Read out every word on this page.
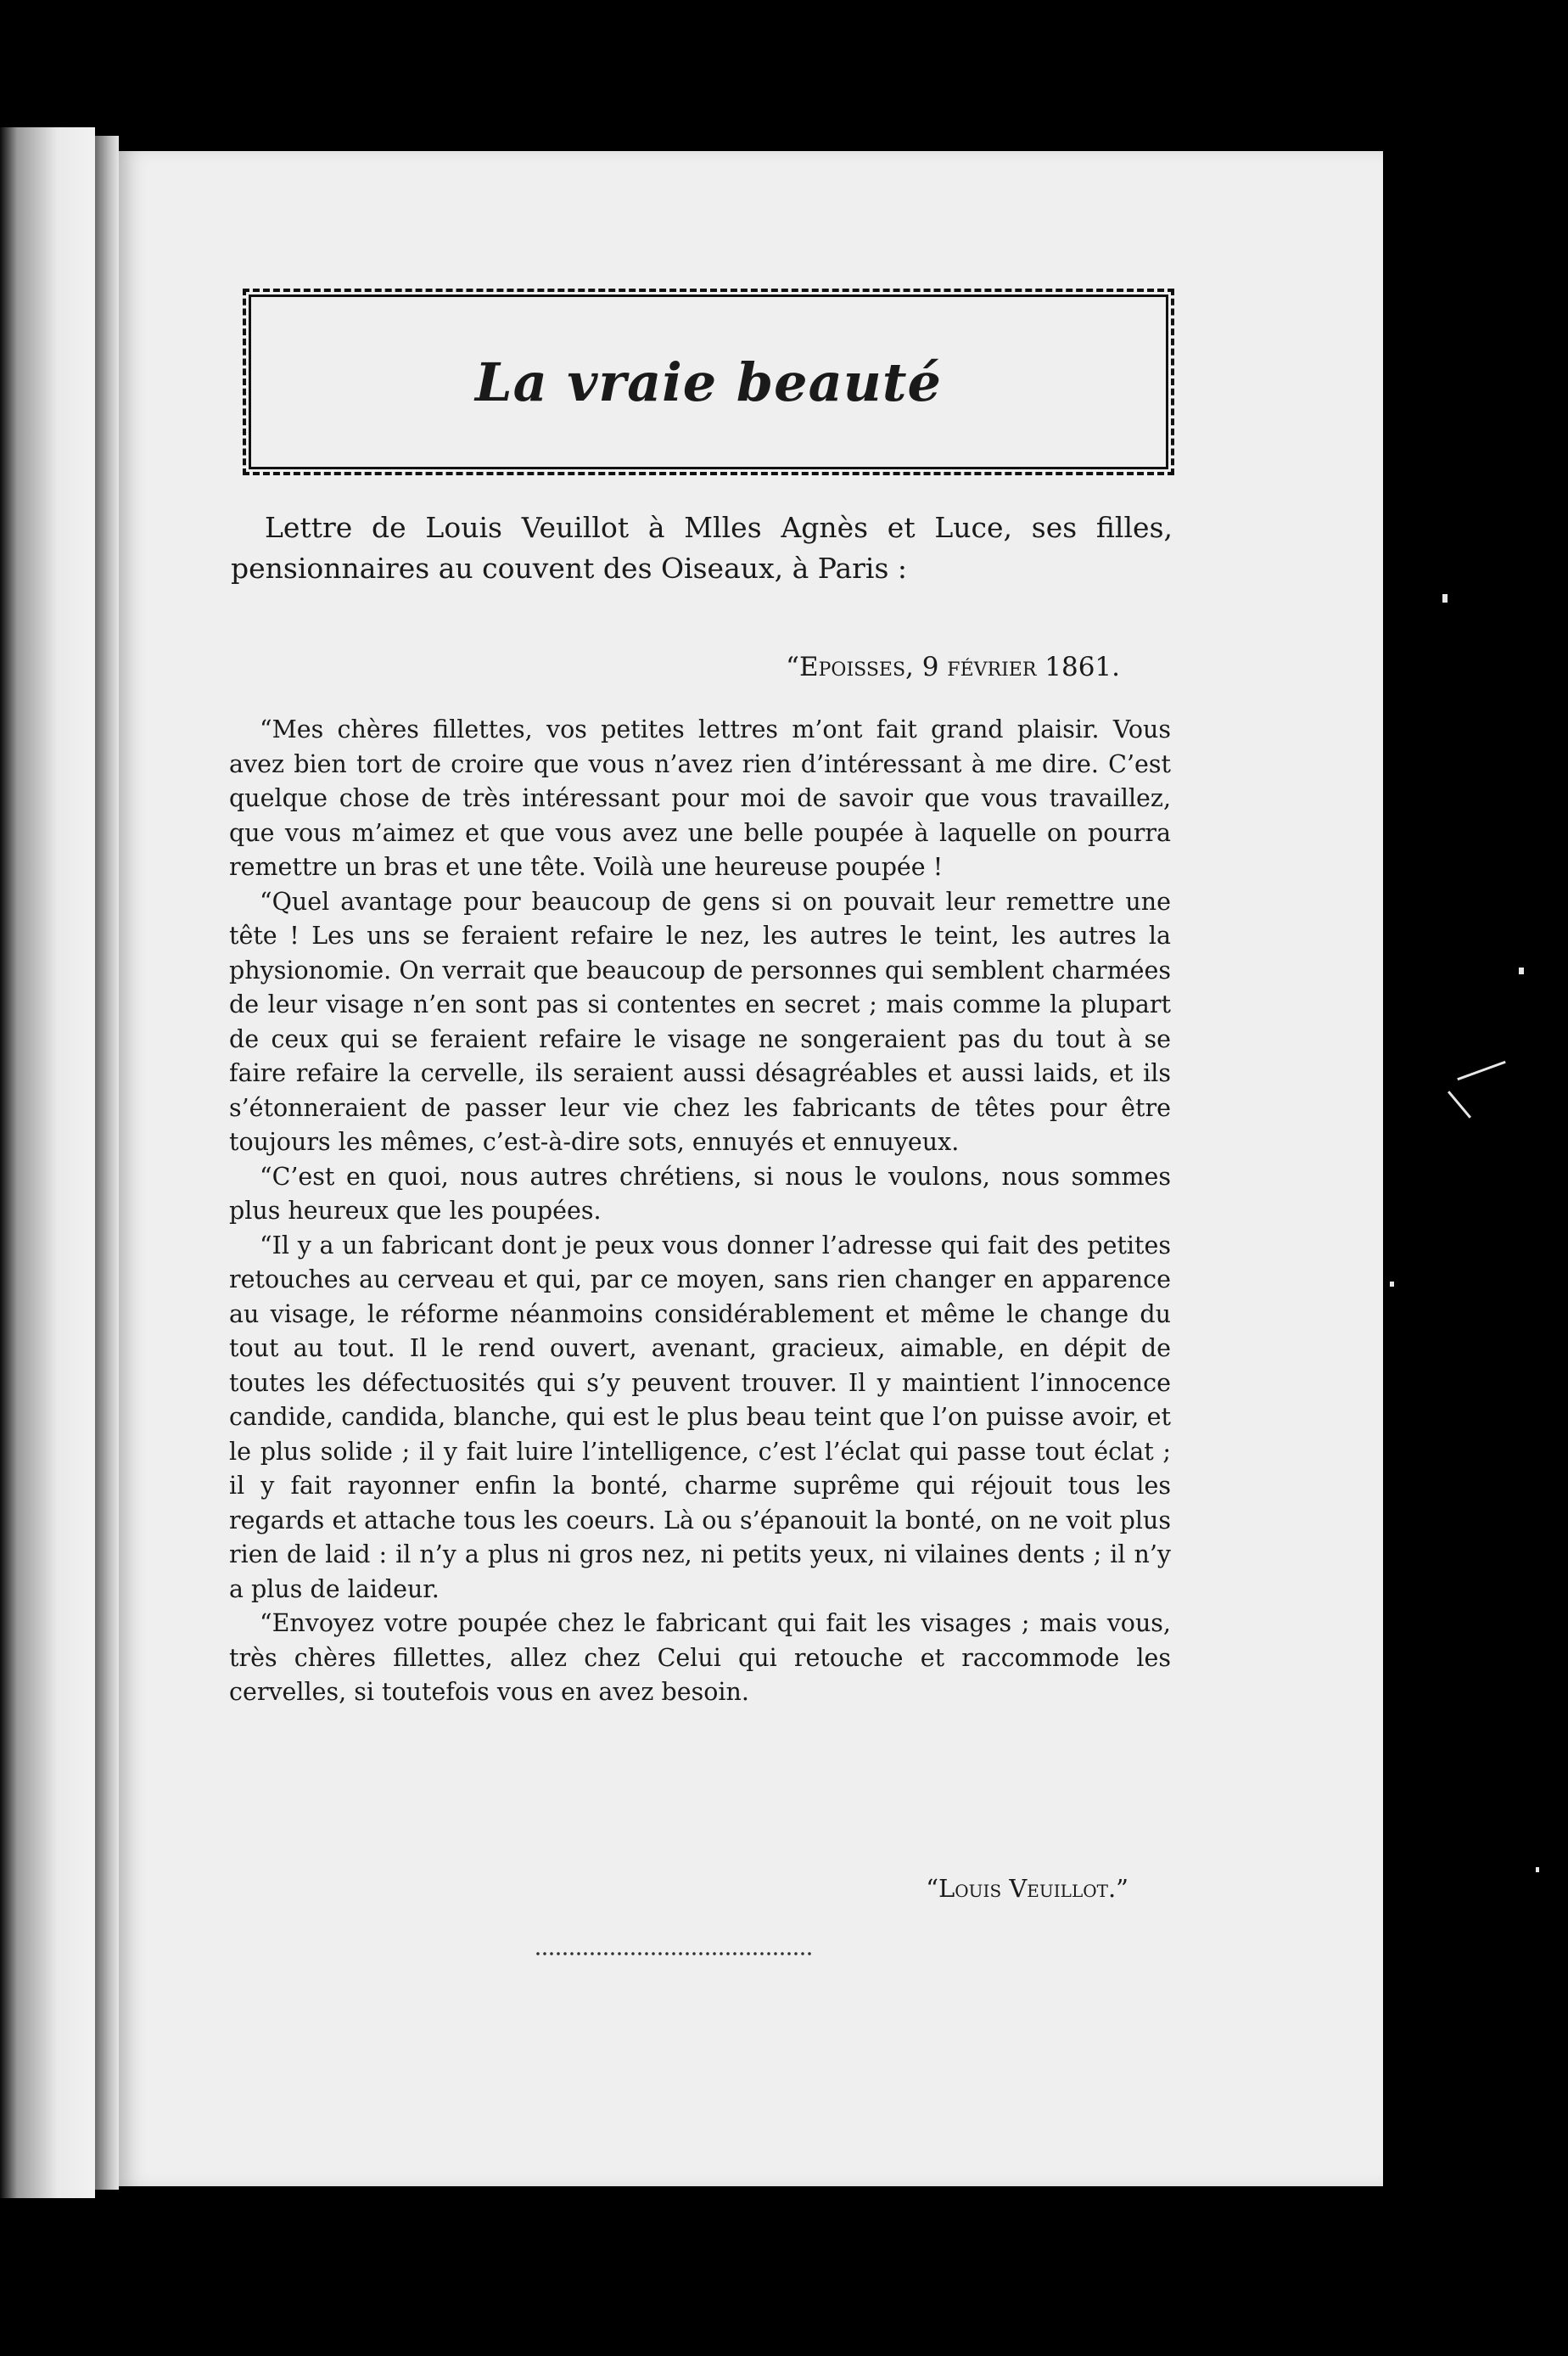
La vraie beauté

Lettre de Louis Veuillot à Mlles Agnès et Luce, ses filles, pensionnaires au couvent des Oiseaux, à Paris :

“Epoisses, 9 février 1861.

“Mes chères fillettes, vos petites lettres m’ont fait grand plaisir. Vous avez bien tort de croire que vous n’avez rien d’intéressant à me dire. C’est quelque chose de très intéressant pour moi de savoir que vous travaillez, que vous m’aimez et que vous avez une belle poupée à laquelle on pourra remettre un bras et une tête. Voilà une heureuse poupée !

“Quel avantage pour beaucoup de gens si on pouvait leur remettre une tête ! Les uns se feraient refaire le nez, les autres le teint, les autres la physionomie. On verrait que beaucoup de personnes qui semblent charmées de leur visage n’en sont pas si contentes en secret ; mais comme la plupart de ceux qui se feraient refaire le visage ne songeraient pas du tout à se faire refaire la cervelle, ils seraient aussi désagréables et aussi laids, et ils s’étonneraient de passer leur vie chez les fabricants de têtes pour être toujours les mêmes, c’est-à-dire sots, ennuyés et ennuyeux.

“C’est en quoi, nous autres chrétiens, si nous le voulons, nous sommes plus heureux que les poupées.

“Il y a un fabricant dont je peux vous donner l’adresse qui fait des petites retouches au cerveau et qui, par ce moyen, sans rien changer en apparence au visage, le réforme néanmoins considérablement et même le change du tout au tout. Il le rend ouvert, avenant, gracieux, aimable, en dépit de toutes les défectuosités qui s’y peuvent trouver. Il y maintient l’innocence candide, candida, blanche, qui est le plus beau teint que l’on puisse avoir, et le plus solide ; il y fait luire l’intelligence, c’est l’éclat qui passe tout éclat ; il y fait rayonner enfin la bonté, charme suprême qui réjouit tous les regards et attache tous les coeurs. Là ou s’épanouit la bonté, on ne voit plus rien de laid : il n’y a plus ni gros nez, ni petits yeux, ni vilaines dents ; il n’y a plus de laideur.

“Envoyez votre poupée chez le fabricant qui fait les visages ; mais vous, très chères fillettes, allez chez Celui qui retouche et raccommode les cervelles, si toutefois vous en avez besoin.

“Louis Veuillot.”
